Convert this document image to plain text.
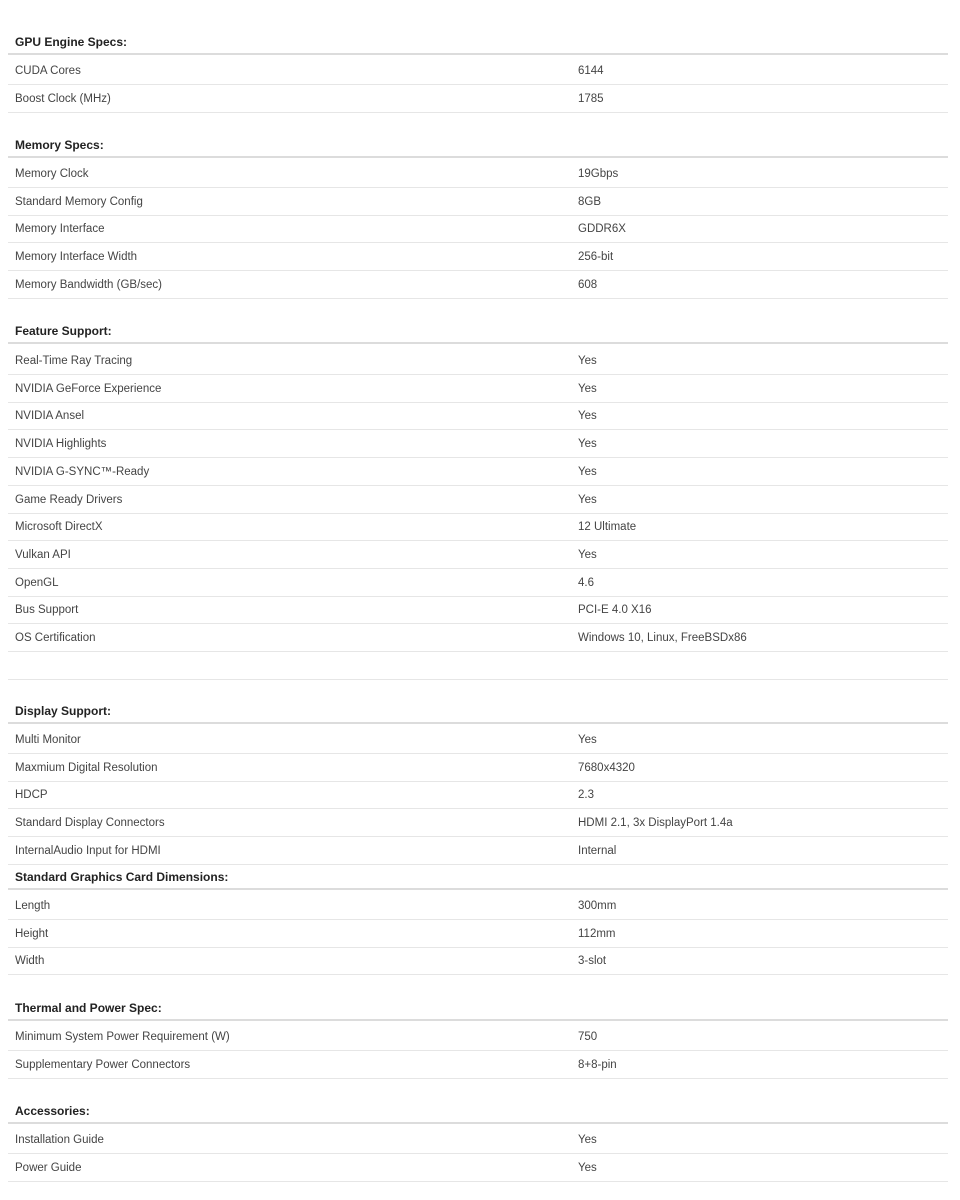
GPU Engine Specs:
CUDA Cores	6144
Boost Clock (MHz)	1785
Memory Specs:
Memory Clock	19Gbps
Standard Memory Config	8GB
Memory Interface	GDDR6X
Memory Interface Width	256-bit
Memory Bandwidth (GB/sec)	608
Feature Support:
Real-Time Ray Tracing	Yes
NVIDIA GeForce Experience	Yes
NVIDIA Ansel	Yes
NVIDIA Highlights	Yes
NVIDIA G-SYNC™-Ready	Yes
Game Ready Drivers	Yes
Microsoft DirectX	12 Ultimate
Vulkan API	Yes
OpenGL	4.6
Bus Support	PCI-E 4.0 X16
OS Certification	Windows 10, Linux, FreeBSDx86
Display Support:
Multi Monitor	Yes
Maxmium Digital Resolution	7680x4320
HDCP	2.3
Standard Display Connectors	HDMI 2.1, 3x DisplayPort 1.4a
InternalAudio Input for HDMI	Internal
Standard Graphics Card Dimensions:
Length	300mm
Height	112mm
Width	3-slot
Thermal and Power Spec:
Minimum System Power Requirement (W)	750
Supplementary Power Connectors	8+8-pin
Accessories:
Installation Guide	Yes
Power Guide	Yes
